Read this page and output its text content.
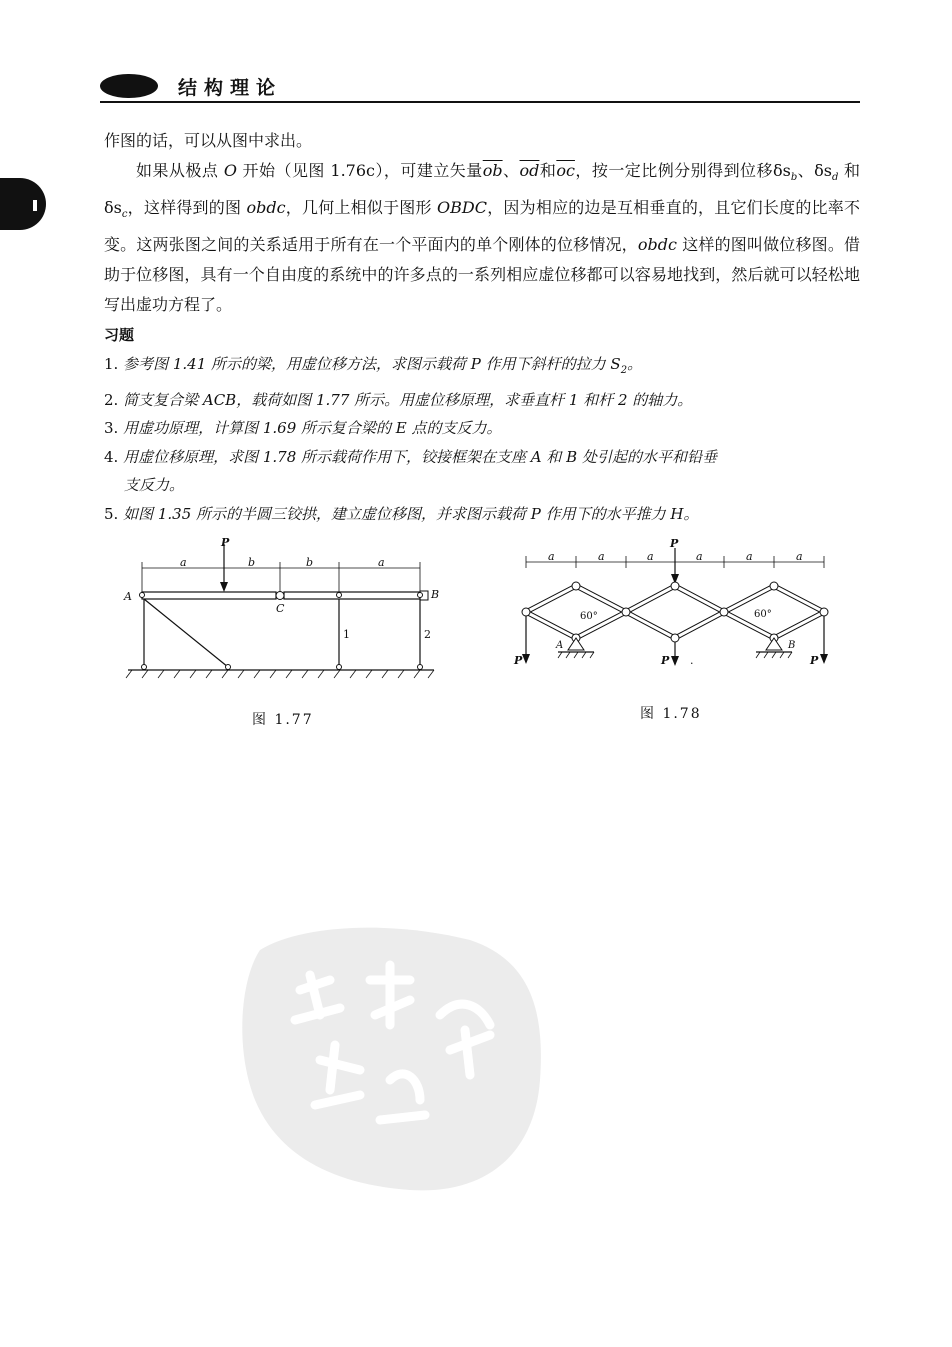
结构理论

作图的话，可以从图中求出。

如果从极点 O 开始（见图 1.76c），可建立矢量$\overline{ob}$、$\overline{od}$和$\overline{oc}$，按一定比例分别得到位移$\delta s_b$、$\delta s_d$ 和 $\delta s_c$，这样得到的图 obdc，几何上相似于图形 OBDC，因为相应的边是互相垂直的，且它们长度的比率不变。这两张图之间的关系适用于所有在一个平面内的单个刚体的位移情况，obdc 这样的图叫做位移图。借助于位移图，具有一个自由度的系统中的许多点的一系列相应虚位移都可以容易地找到，然后就可以轻松地写出虚功方程了。

习题

1. 参考图 1.41 所示的梁，用虚位移方法，求图示载荷 P 作用下斜杆的拉力 $S_2$。

2. 简支复合梁 ACB，载荷如图 1.77 所示。用虚位移原理，求垂直杆 1 和杆 2 的轴力。

3. 用虚功原理，计算图 1.69 所示复合梁的 E 点的支反力。

4. 用虚位移原理，求图 1.78 所示载荷作用下，铰接框架在支座 A 和 B 处引起的水平和铅垂

支反力。

5. 如图 1.35 所示的半圆三铰拱，建立虚位移图，并求图示载荷 P 作用下的水平推力 H。

P
a	b	b	a
A	B
C
1	2
图 1.77
a	a	a	a	a	a
P
60°	60°
P	P .	P
A	B
图 1.78
